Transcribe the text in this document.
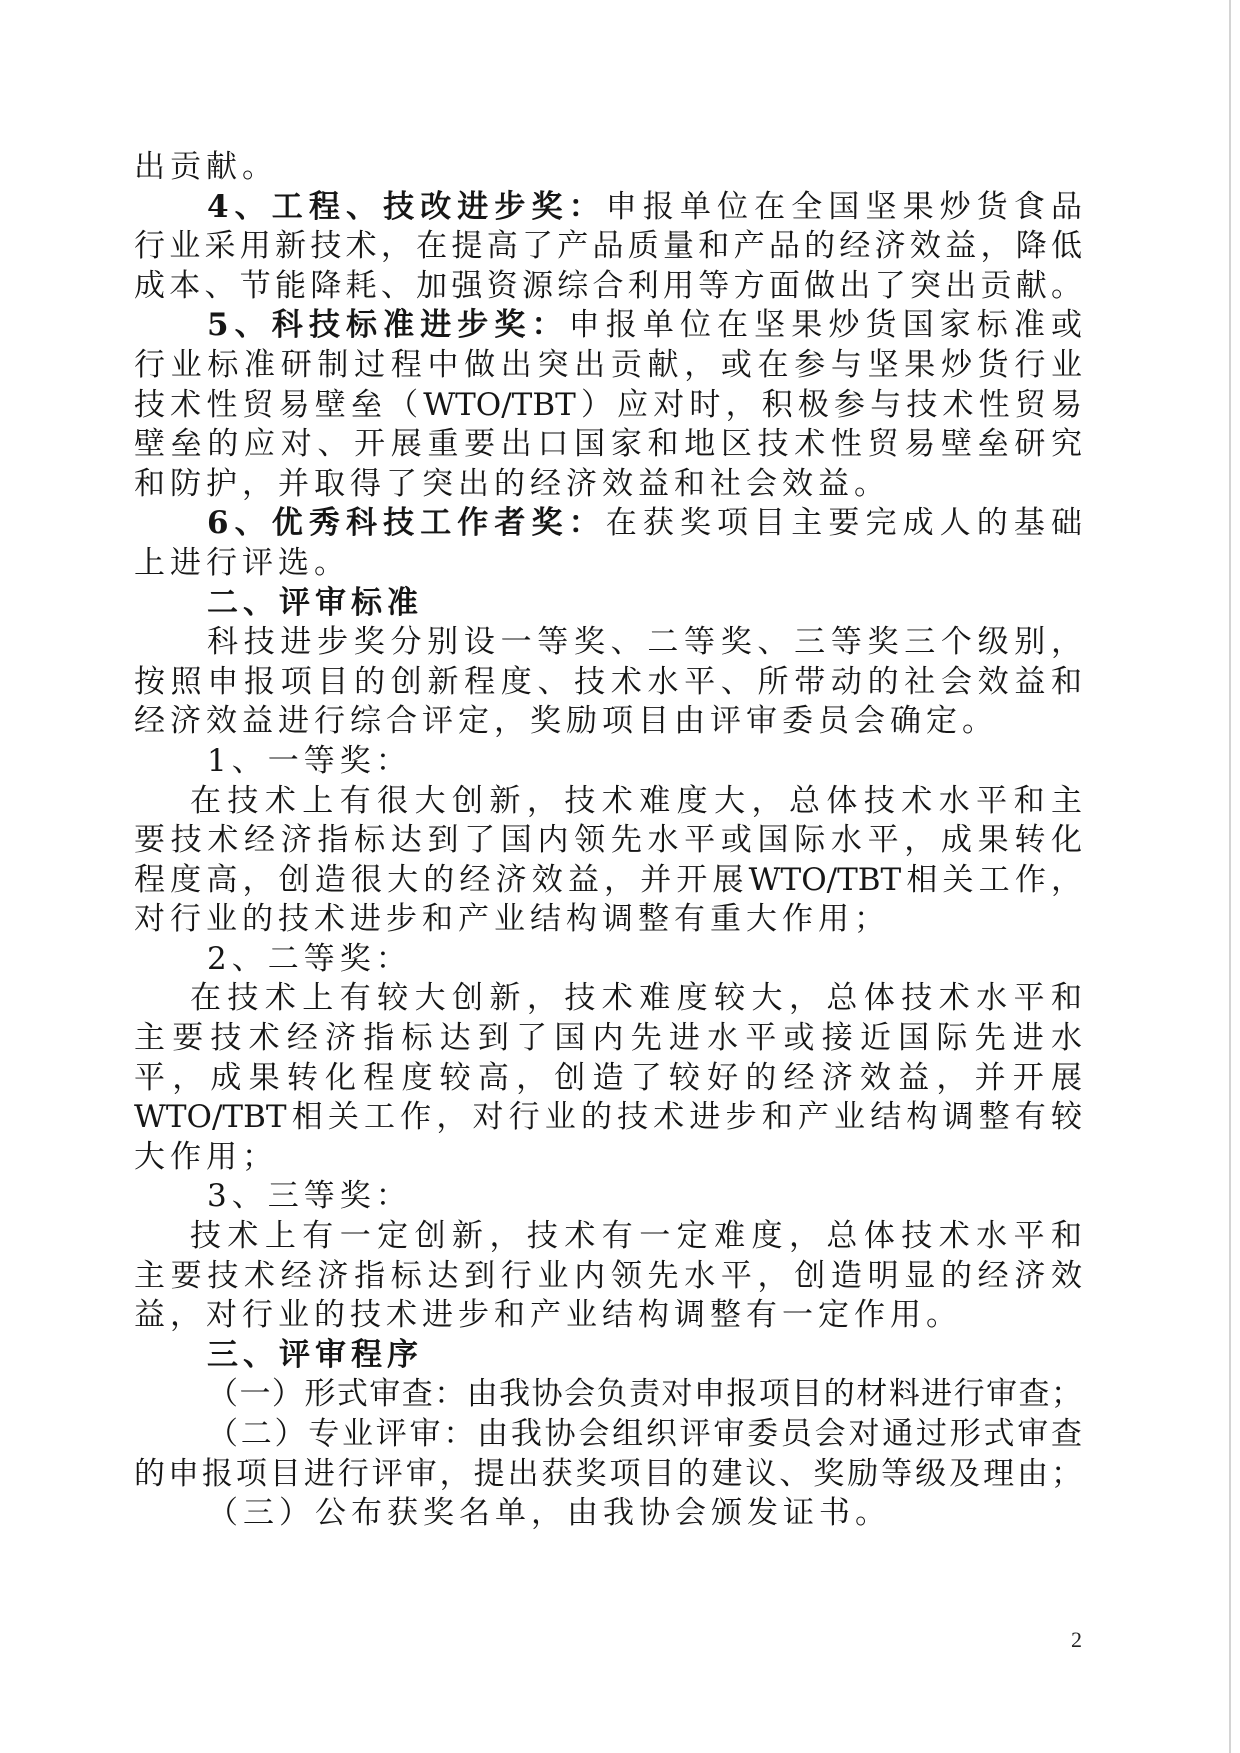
出贡献。
4、工程、技改进步奖：申报单位在全国坚果炒货食品
行业采用新技术，在提高了产品质量和产品的经济效益，降低
成本、节能降耗、加强资源综合利用等方面做出了突出贡献。
5、科技标准进步奖：申报单位在坚果炒货国家标准或
行业标准研制过程中做出突出贡献，或在参与坚果炒货行业
技术性贸易壁垒（WTO/TBT）应对时，积极参与技术性贸易
壁垒的应对、开展重要出口国家和地区技术性贸易壁垒研究
和防护，并取得了突出的经济效益和社会效益。
6、优秀科技工作者奖：在获奖项目主要完成人的基础
上进行评选。
二、评审标准
科技进步奖分别设一等奖、二等奖、三等奖三个级别，
按照申报项目的创新程度、技术水平、所带动的社会效益和
经济效益进行综合评定，奖励项目由评审委员会确定。
1、一等奖：
在技术上有很大创新，技术难度大，总体技术水平和主
要技术经济指标达到了国内领先水平或国际水平，成果转化
程度高，创造很大的经济效益，并开展WTO/TBT相关工作，
对行业的技术进步和产业结构调整有重大作用；
2、二等奖：
在技术上有较大创新，技术难度较大，总体技术水平和
主要技术经济指标达到了国内先进水平或接近国际先进水
平，成果转化程度较高，创造了较好的经济效益，并开展
WTO/TBT相关工作，对行业的技术进步和产业结构调整有较
大作用；
3、三等奖：
技术上有一定创新，技术有一定难度，总体技术水平和
主要技术经济指标达到行业内领先水平，创造明显的经济效
益，对行业的技术进步和产业结构调整有一定作用。
三、评审程序
（一）形式审查：由我协会负责对申报项目的材料进行审查；
（二）专业评审：由我协会组织评审委员会对通过形式审查
的申报项目进行评审，提出获奖项目的建议、奖励等级及理由；
（三）公布获奖名单，由我协会颁发证书。
2
